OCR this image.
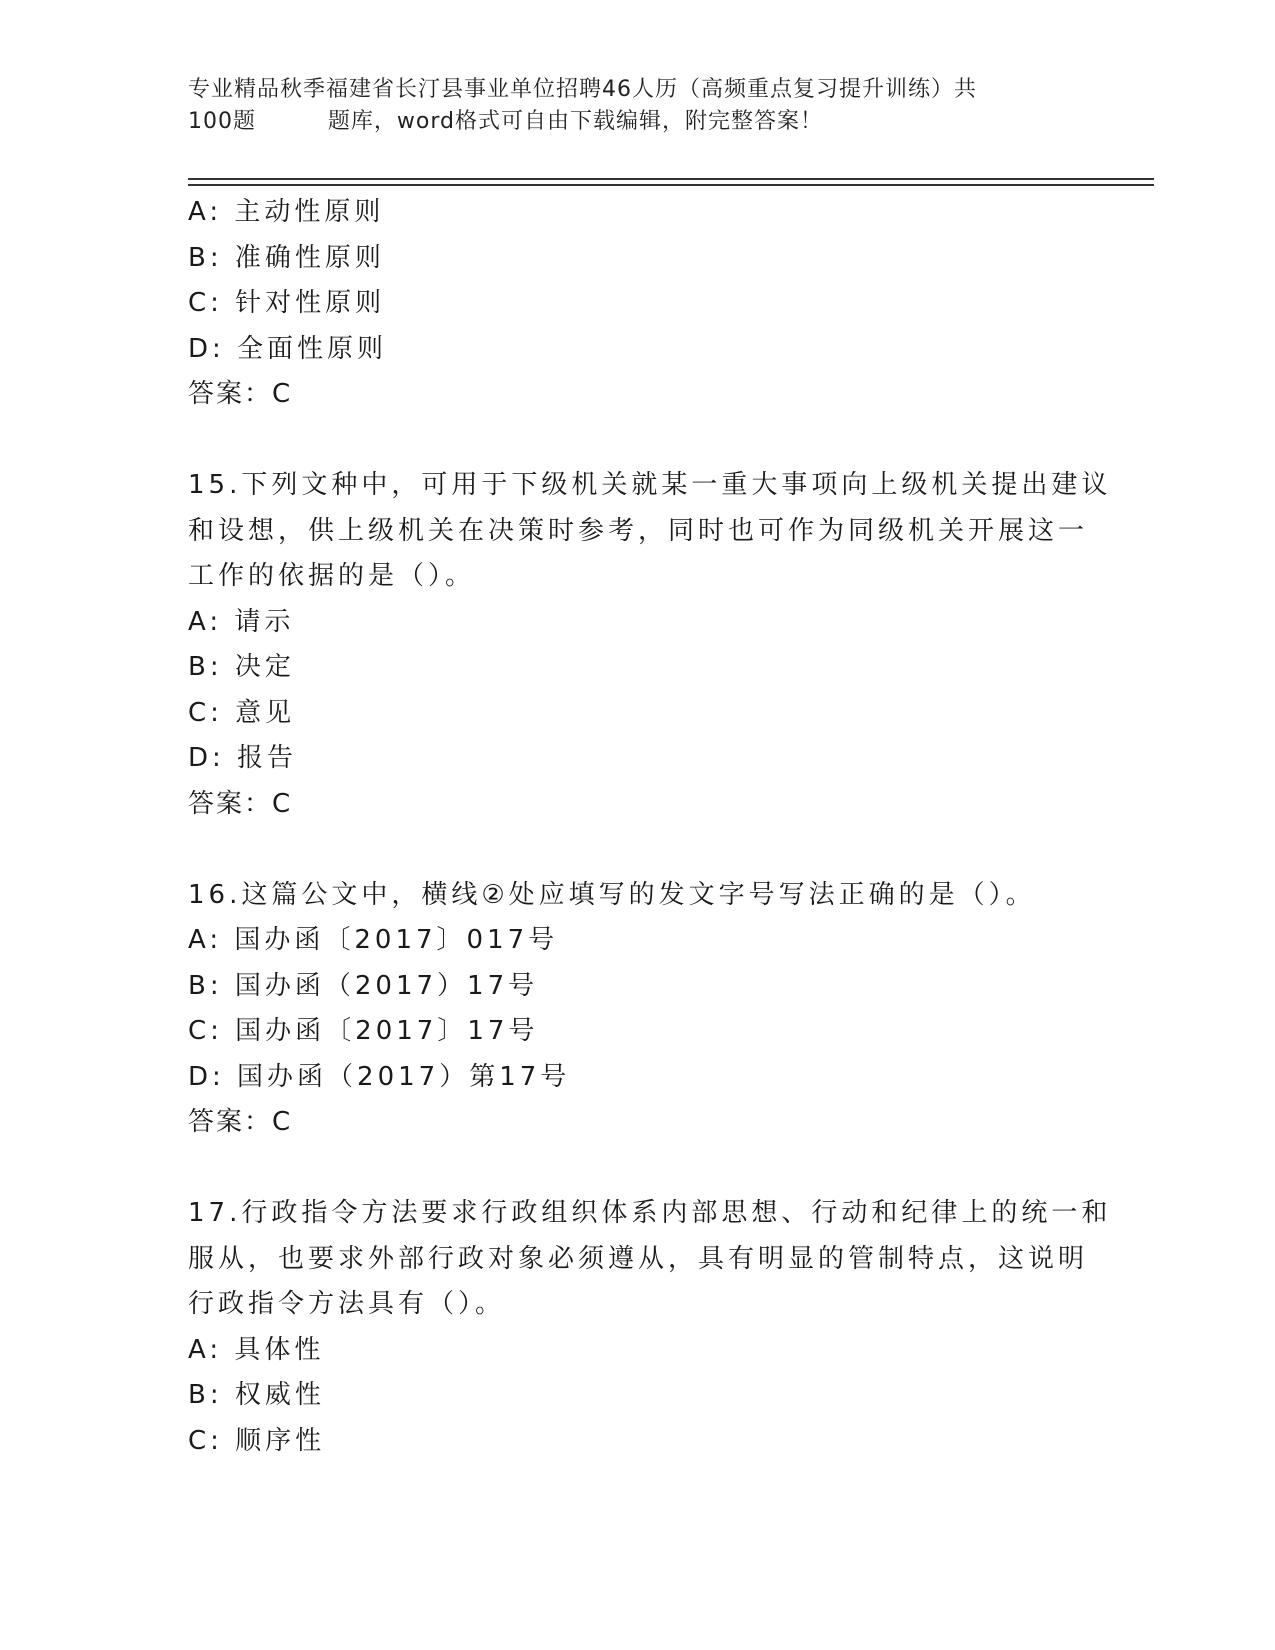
专业精品秋季福建省长汀县事业单位招聘46人历（高频重点复习提升训练）共
100题         题库，word格式可自由下载编辑，附完整答案！
A: 主动性原则
B: 准确性原则
C: 针对性原则
D: 全面性原则
答案：C
15.下列文种中，可用于下级机关就某一重大事项向上级机关提出建议
和设想，供上级机关在决策时参考，同时也可作为同级机关开展这一
工作的依据的是（）。
A: 请示
B: 决定
C: 意见
D: 报告
答案：C
16.这篇公文中，横线②处应填写的发文字号写法正确的是（）。
A: 国办函〔2017〕017号
B: 国办函（2017）17号
C: 国办函〔2017〕17号
D: 国办函（2017）第17号
答案：C
17.行政指令方法要求行政组织体系内部思想、行动和纪律上的统一和
服从，也要求外部行政对象必须遵从，具有明显的管制特点，这说明
行政指令方法具有（）。
A: 具体性
B: 权威性
C: 顺序性
